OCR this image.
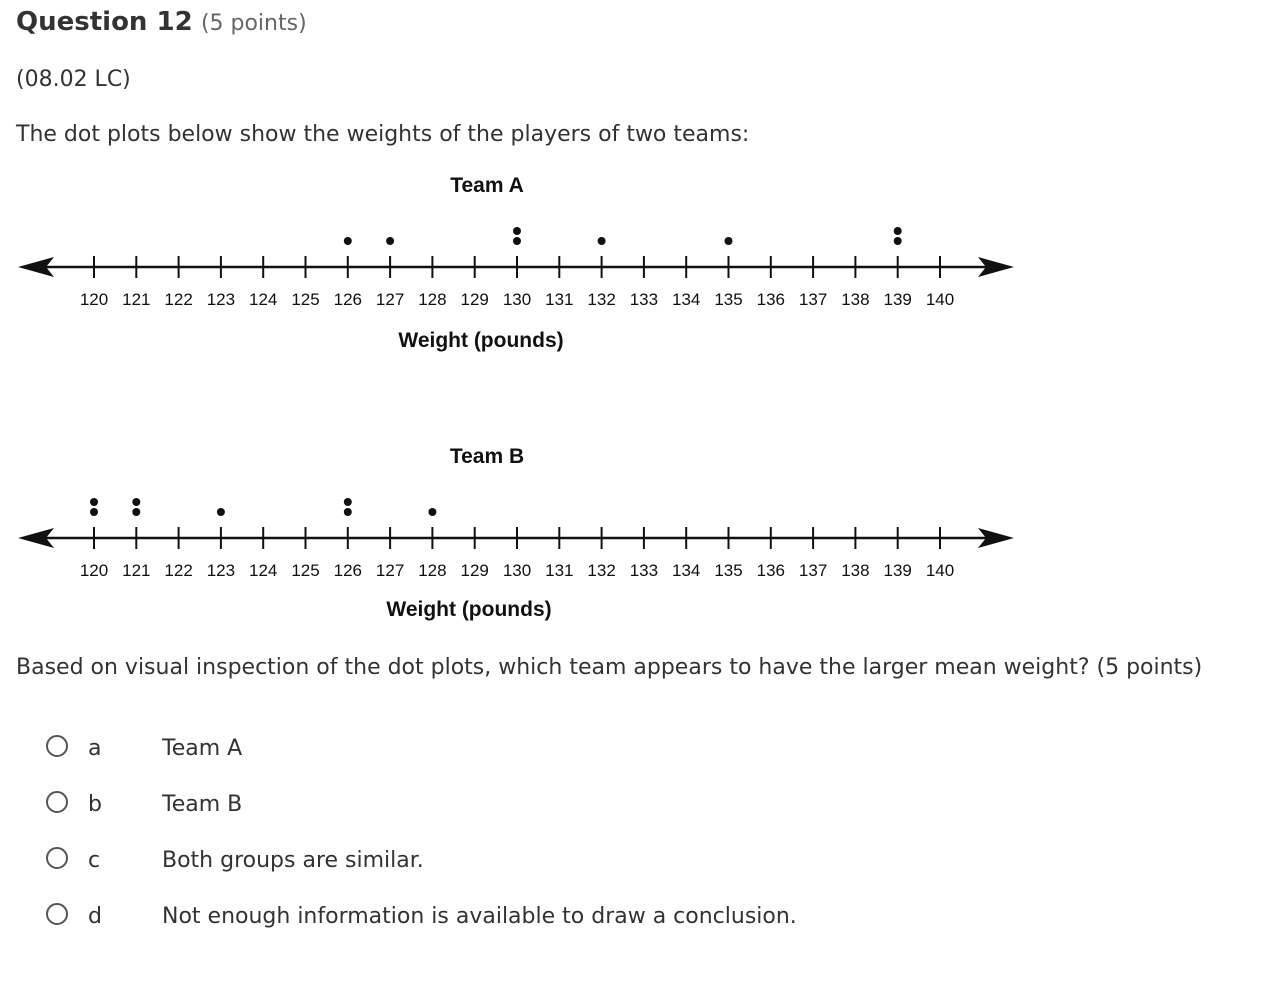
Question 12 (5 points)
(08.02 LC)
The dot plots below show the weights of the players of two teams:
Team A
120 121 122 123 124 125 126 127 128 129 130 131 132 133 134 135 136 137 138 139 140
Weight (pounds)
Team B
120 121 122 123 124 125 126 127 128 129 130 131 132 133 134 135 136 137 138 139 140
Weight (pounds)
Based on visual inspection of the dot plots, which team appears to have the larger mean weight? (5 points)
a	Team A
b	Team B
c	Both groups are similar.
d	Not enough information is available to draw a conclusion.
